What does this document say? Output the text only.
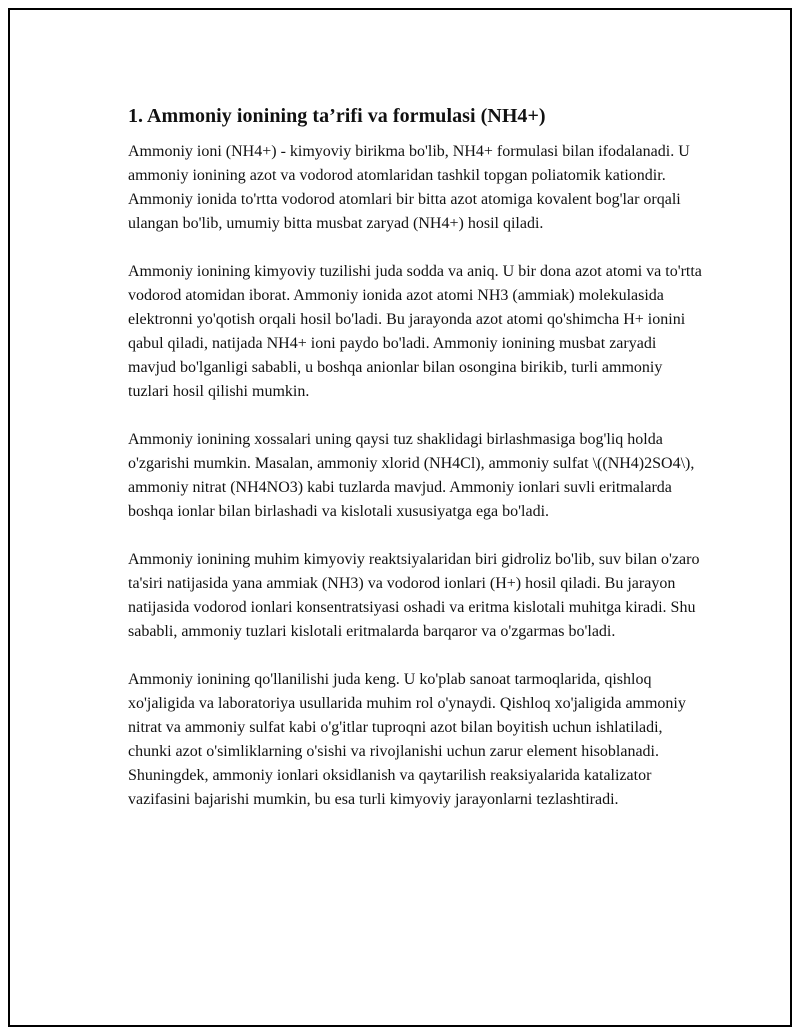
1. Ammoniy ionining ta’rifi va formulasi (NH4+)

Ammoniy ioni (NH4+) - kimyoviy birikma bo'lib, NH4+ formulasi bilan ifodalanadi. U ammoniy ionining azot va vodorod atomlaridan tashkil topgan poliatomik kationdir. Ammoniy ionida to'rtta vodorod atomlari bir bitta azot atomiga kovalent bog'lar orqali ulangan bo'lib, umumiy bitta musbat zaryad (NH4+) hosil qiladi.

Ammoniy ionining kimyoviy tuzilishi juda sodda va aniq. U bir dona azot atomi va to'rtta vodorod atomidan iborat. Ammoniy ionida azot atomi NH3 (ammiak) molekulasida elektronni yo'qotish orqali hosil bo'ladi. Bu jarayonda azot atomi qo'shimcha H+ ionini qabul qiladi, natijada NH4+ ioni paydo bo'ladi. Ammoniy ionining musbat zaryadi mavjud bo'lganligi sababli, u boshqa anionlar bilan osongina birikib, turli ammoniy tuzlari hosil qilishi mumkin.

Ammoniy ionining xossalari uning qaysi tuz shaklidagi birlashmasiga bog'liq holda o'zgarishi mumkin. Masalan, ammoniy xlorid (NH4Cl), ammoniy sulfat \((NH4)2SO4\), ammoniy nitrat (NH4NO3) kabi tuzlarda mavjud. Ammoniy ionlari suvli eritmalarda boshqa ionlar bilan birlashadi va kislotali xususiyatga ega bo'ladi.

Ammoniy ionining muhim kimyoviy reaktsiyalaridan biri gidroliz bo'lib, suv bilan o'zaro ta'siri natijasida yana ammiak (NH3) va vodorod ionlari (H+) hosil qiladi. Bu jarayon natijasida vodorod ionlari konsentratsiyasi oshadi va eritma kislotali muhitga kiradi. Shu sababli, ammoniy tuzlari kislotali eritmalarda barqaror va o'zgarmas bo'ladi.

Ammoniy ionining qo'llanilishi juda keng. U ko'plab sanoat tarmoqlarida, qishloq xo'jaligida va laboratoriya usullarida muhim rol o'ynaydi. Qishloq xo'jaligida ammoniy nitrat va ammoniy sulfat kabi o'g'itlar tuproqni azot bilan boyitish uchun ishlatiladi, chunki azot o'simliklarning o'sishi va rivojlanishi uchun zarur element hisoblanadi. Shuningdek, ammoniy ionlari oksidlanish va qaytarilish reaksiyalarida katalizator vazifasini bajarishi mumkin, bu esa turli kimyoviy jarayonlarni tezlashtiradi.
